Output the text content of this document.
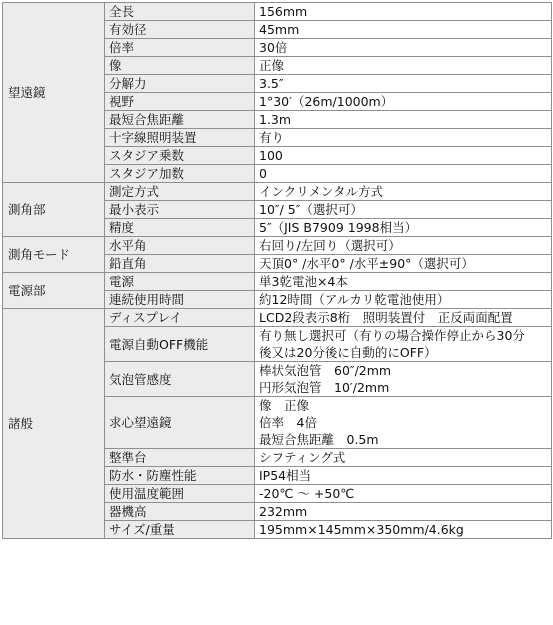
望遠鏡	全長	156mm

	有効径	45mm

	倍率	30倍

	像	正像

	分解力	3.5″

	視野	1°30′（26m/1000m）

	最短合焦距離	1.3m

	十字線照明装置	有り

	スタジア乗数	100

	スタジア加数	0

測角部	測定方式	インクリメンタル方式

	最小表示	10″/ 5″（選択可）

	精度	5″（JIS B7909 1998相当）

測角モード	水平角	右回り/左回り（選択可）

	鉛直角	天頂0° /水平0° /水平±90°（選択可）

電源部	電源	単3乾電池×4本

	連続使用時間	約12時間（アルカリ乾電池使用）

諸般	ディスプレイ	LCD2段表示8桁　照明装置付　正反両面配置

	電源自動OFF機能	有り無し選択可（有りの場合操作停止から30分
後又は20分後に自動的にOFF）

	気泡管感度	棒状気泡管　60″/2mm
円形気泡管　10′/2mm

	求心望遠鏡	像　正像
倍率　4倍
最短合焦距離　0.5m

	整準台	シフティング式

	防水・防塵性能	IP54相当

	使用温度範囲	-20℃ ～ +50℃

	器機高	232mm

	サイズ/重量	195mm×145mm×350mm/4.6kg
